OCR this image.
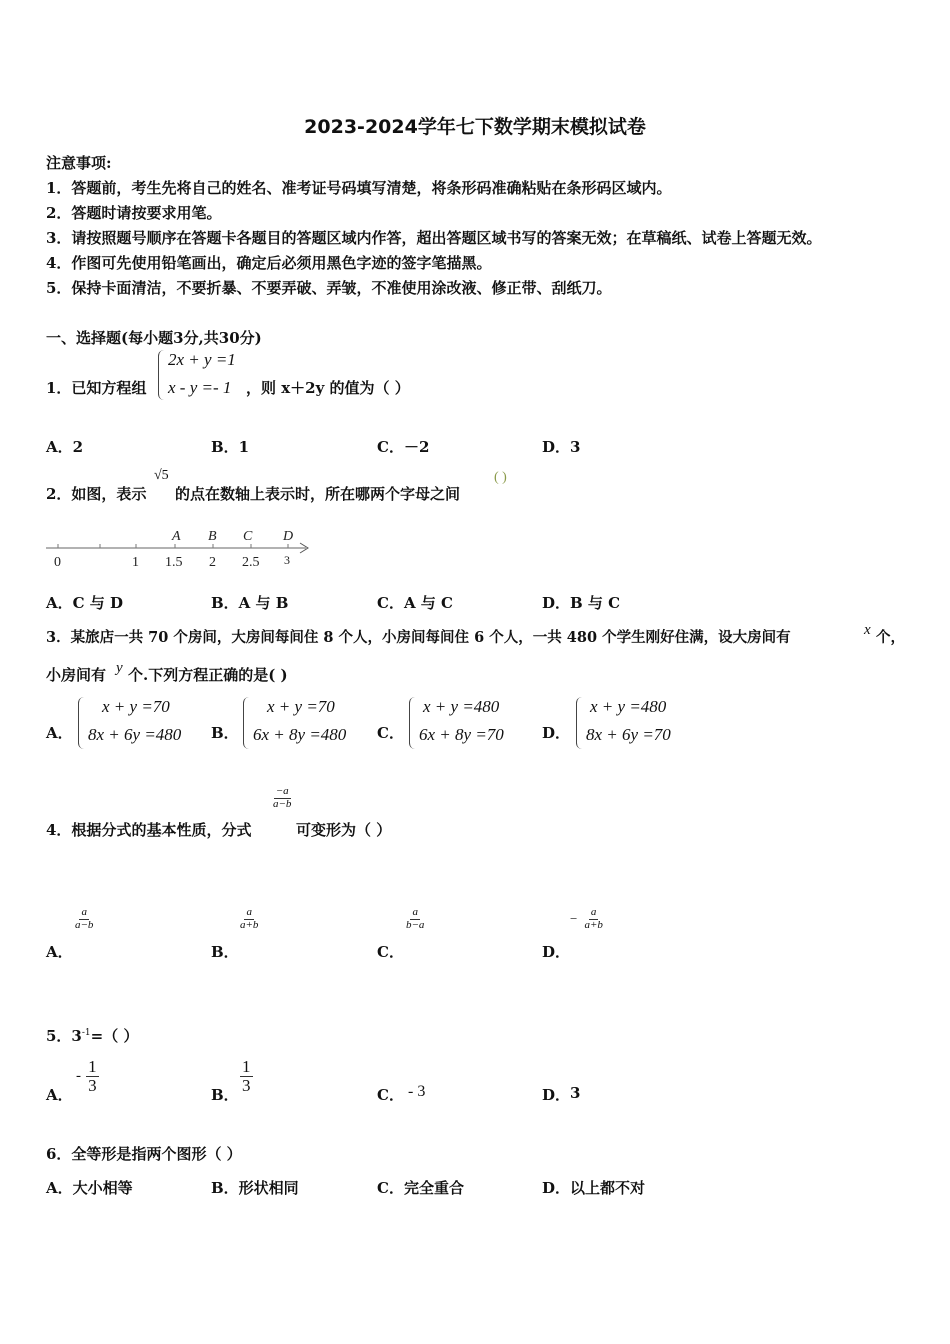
2023-2024学年七下数学期末模拟试卷
注意事项:
1．答题前，考生先将自己的姓名、准考证号码填写清楚，将条形码准确粘贴在条形码区域内。
2．答题时请按要求用笔。
3．请按照题号顺序在答题卡各题目的答题区域内作答，超出答题区域书写的答案无效；在草稿纸、试卷上答题无效。
4．作图可先使用铅笔画出，确定后必须用黑色字迹的签字笔描黑。
5．保持卡面清洁，不要折暴、不要弄破、弄皱，不准使用涂改液、修正带、刮纸刀。
一、选择题(每小题3分,共30分)
1．已知方程组
2x + y =1
x - y =- 1 ，则 x＋2y 的值为（ ）
A．2	B．1	C．－2	D．3
2．如图，表示
√5
的点在数轴上表示时，所在哪两个字母之间
( )
A B C D
0	1 1.5 2 2.5 3
A．C 与 D	B．A 与 B	C．A 与 C	D．B 与 C
3．某旅店一共 70 个房间，大房间每间住 8 个人，小房间每间住 6 个人，一共 480 个学生刚好住满，设大房间有	x 个，
小房间有 y 个.下列方程正确的是( )
A．
x + y =70
8x + 6y =480 B．
x + y =70
6x + 8y =480 C．
x + y =480
6x + 8y =70	D．
x + y =480
8x + 6y =70
4．根据分式的基本性质，分式
$\frac{-a}{a-b}$
可变形为（ ）
$\frac{a}{a-b}$
A．
$\frac{a}{a+b}$
B．
$\frac{a}{b-a}$
C．
− $\frac{a}{a+b}$
D．
5．$3^{-1}=$（ ）
A．
- $\frac{1}{3}$
B．
$\frac{1}{3}$
C． - 3	D． 3
6．全等形是指两个图形（ ）
A．大小相等	B．形状相同	C．完全重合	D．以上都不对
